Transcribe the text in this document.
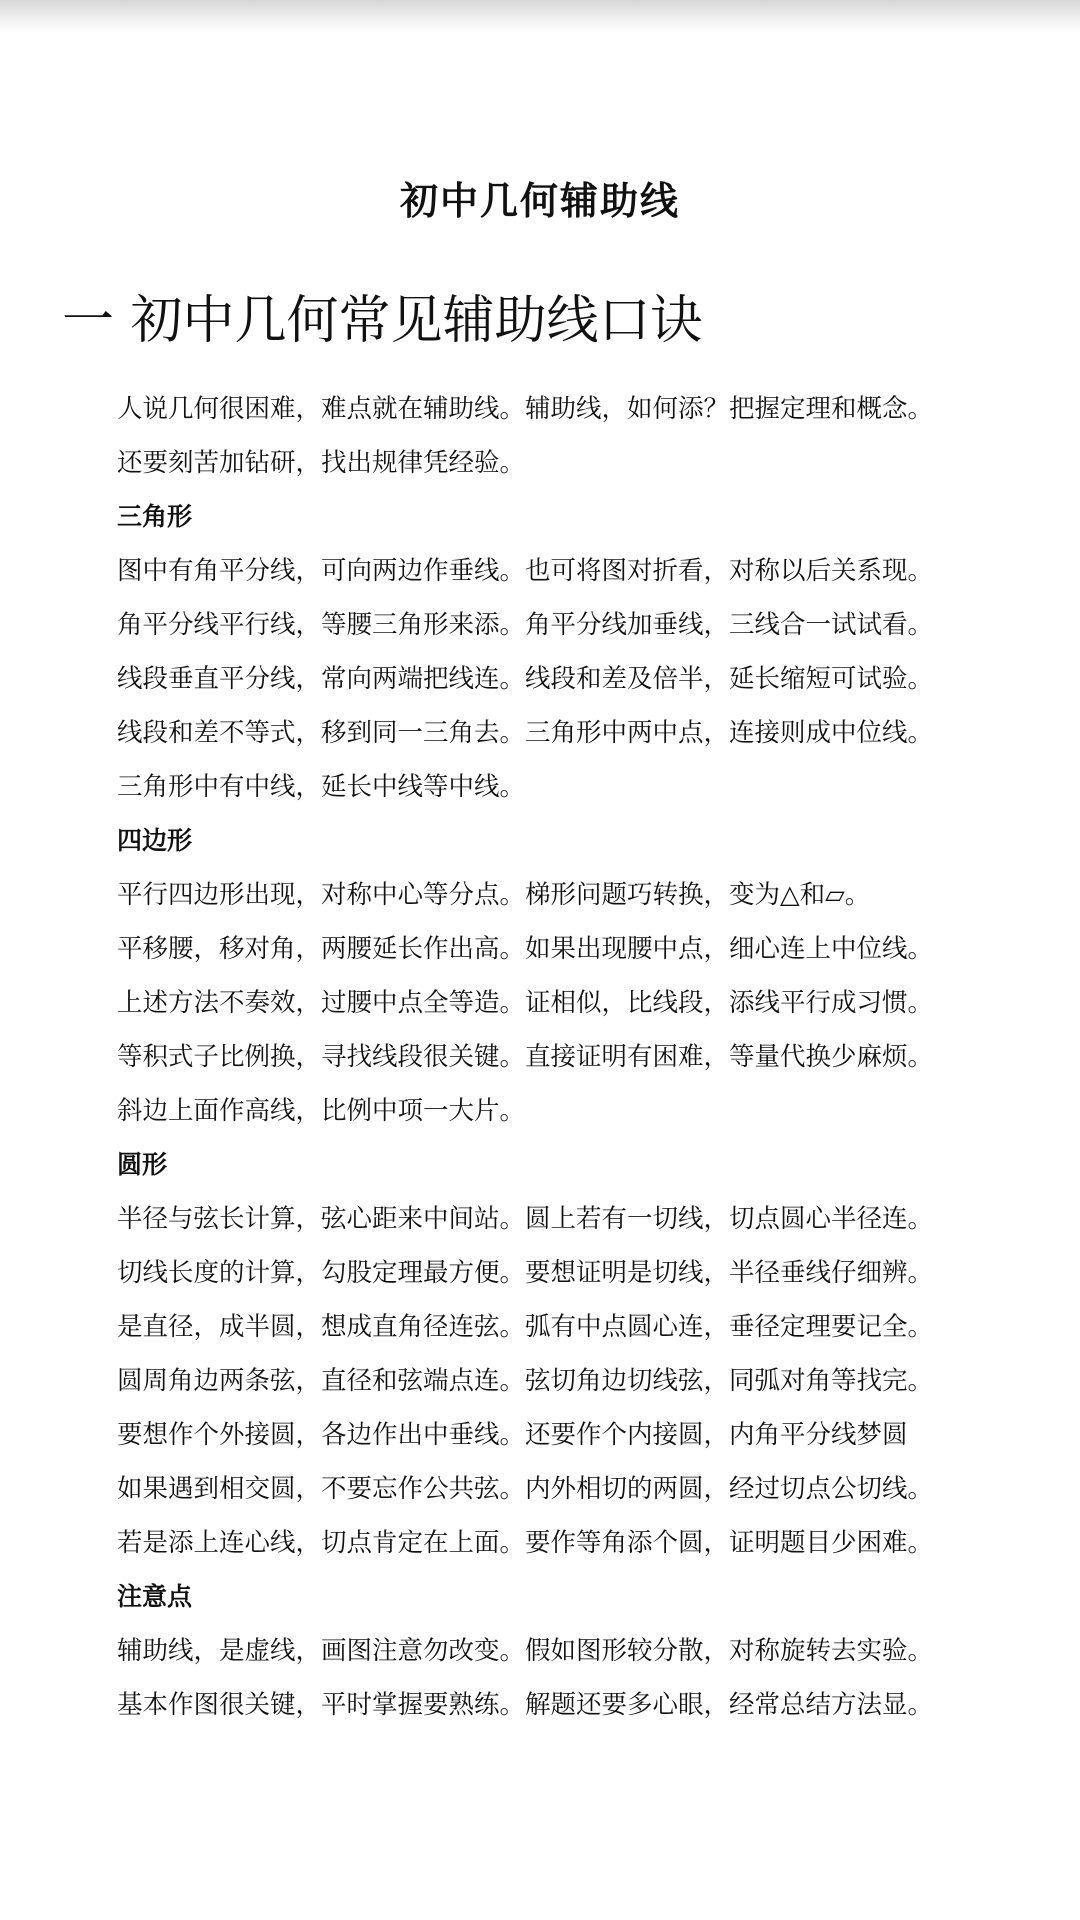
初中几何辅助线
一 初中几何常见辅助线口诀
人说几何很困难，难点就在辅助线。辅助线，如何添？把握定理和概念。
还要刻苦加钻研，找出规律凭经验。
三角形
图中有角平分线，可向两边作垂线。也可将图对折看，对称以后关系现。
角平分线平行线，等腰三角形来添。角平分线加垂线，三线合一试试看。
线段垂直平分线，常向两端把线连。线段和差及倍半，延长缩短可试验。
线段和差不等式，移到同一三角去。三角形中两中点，连接则成中位线。
三角形中有中线，延长中线等中线。
四边形
平行四边形出现，对称中心等分点。梯形问题巧转换，变为△和▱。
平移腰，移对角，两腰延长作出高。如果出现腰中点，细心连上中位线。
上述方法不奏效，过腰中点全等造。证相似，比线段，添线平行成习惯。
等积式子比例换，寻找线段很关键。直接证明有困难，等量代换少麻烦。
斜边上面作高线，比例中项一大片。
圆形
半径与弦长计算，弦心距来中间站。圆上若有一切线，切点圆心半径连。
切线长度的计算，勾股定理最方便。要想证明是切线，半径垂线仔细辨。
是直径，成半圆，想成直角径连弦。弧有中点圆心连，垂径定理要记全。
圆周角边两条弦，直径和弦端点连。弦切角边切线弦，同弧对角等找完。
要想作个外接圆，各边作出中垂线。还要作个内接圆，内角平分线梦圆
如果遇到相交圆，不要忘作公共弦。内外相切的两圆，经过切点公切线。
若是添上连心线，切点肯定在上面。要作等角添个圆，证明题目少困难。
注意点
辅助线，是虚线，画图注意勿改变。假如图形较分散，对称旋转去实验。
基本作图很关键，平时掌握要熟练。解题还要多心眼，经常总结方法显。
